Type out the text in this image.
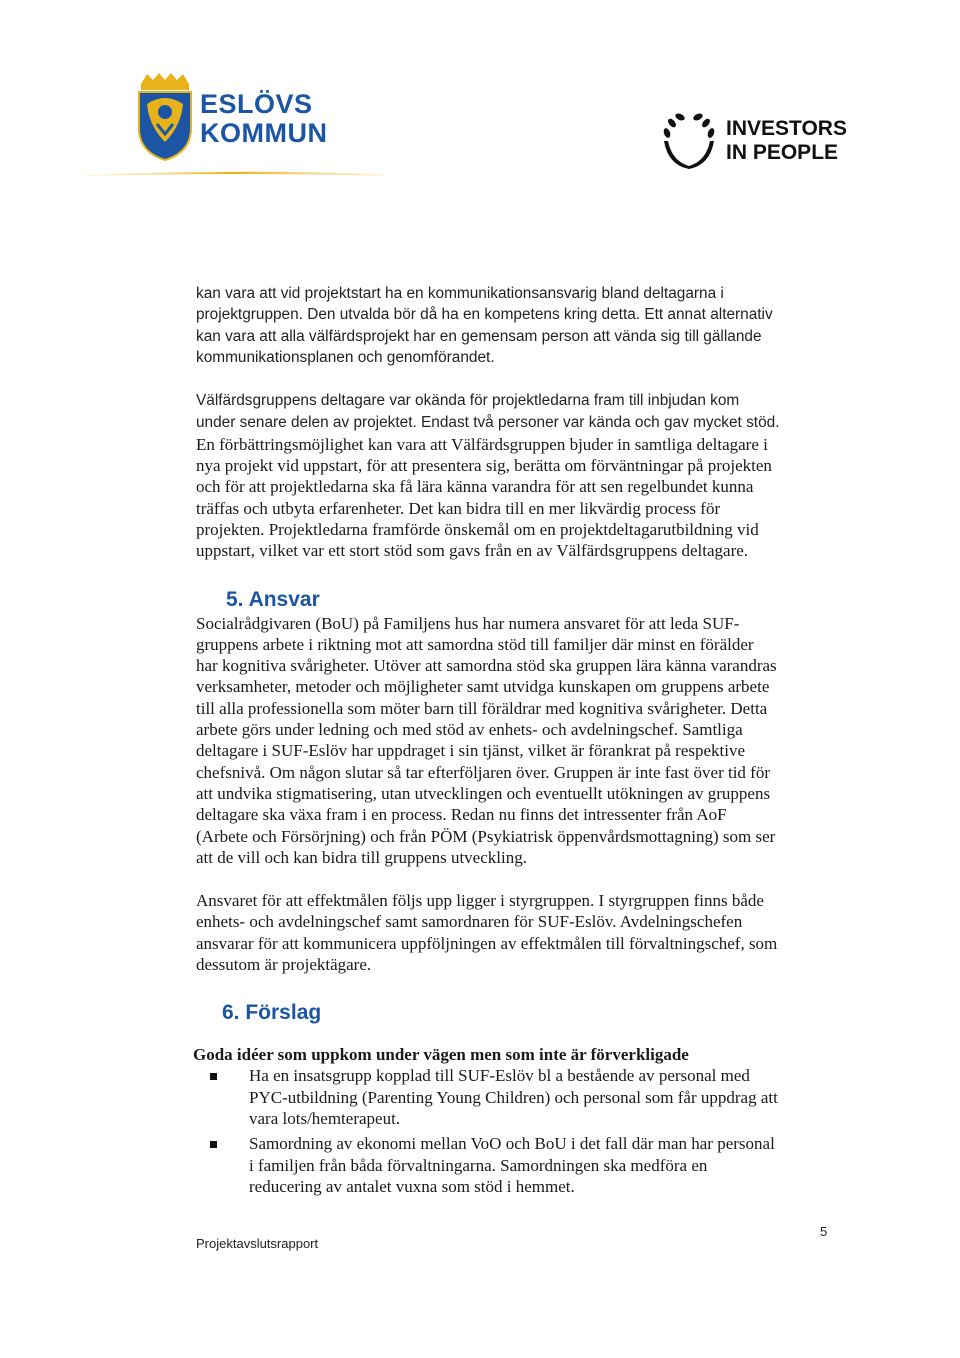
ESLÖVS
KOMMUN	INVESTORS
IN PEOPLE

kan vara att vid projektstart ha en kommunikationsansvarig bland deltagarna i
projektgruppen. Den utvalda bör då ha en kompetens kring detta. Ett annat alternativ
kan vara att alla välfärdsprojekt har en gemensam person att vända sig till gällande
kommunikationsplanen och genomförandet.

Välfärdsgruppens deltagare var okända för projektledarna fram till inbjudan kom
under senare delen av projektet. Endast två personer var kända och gav mycket stöd.
En förbättringsmöjlighet kan vara att Välfärdsgruppen bjuder in samtliga deltagare i
nya projekt vid uppstart, för att presentera sig, berätta om förväntningar på projekten
och för att projektledarna ska få lära känna varandra för att sen regelbundet kunna
träffas och utbyta erfarenheter. Det kan bidra till en mer likvärdig process för
projekten. Projektledarna framförde önskemål om en projektdeltagarutbildning vid
uppstart, vilket var ett stort stöd som gavs från en av Välfärdsgruppens deltagare.

5. Ansvar

Socialrådgivaren (BoU) på Familjens hus har numera ansvaret för att leda SUF-
gruppens arbete i riktning mot att samordna stöd till familjer där minst en förälder
har kognitiva svårigheter. Utöver att samordna stöd ska gruppen lära känna varandras
verksamheter, metoder och möjligheter samt utvidga kunskapen om gruppens arbete
till alla professionella som möter barn till föräldrar med kognitiva svårigheter. Detta
arbete görs under ledning och med stöd av enhets- och avdelningschef. Samtliga
deltagare i SUF-Eslöv har uppdraget i sin tjänst, vilket är förankrat på respektive
chefsnivå. Om någon slutar så tar efterföljaren över. Gruppen är inte fast över tid för
att undvika stigmatisering, utan utvecklingen och eventuellt utökningen av gruppens
deltagare ska växa fram i en process. Redan nu finns det intressenter från AoF
(Arbete och Försörjning) och från PÖM (Psykiatrisk öppenvårdsmottagning) som ser
att de vill och kan bidra till gruppens utveckling.

Ansvaret för att effektmålen följs upp ligger i styrgruppen. I styrgruppen finns både
enhets- och avdelningschef samt samordnaren för SUF-Eslöv. Avdelningschefen
ansvarar för att kommunicera uppföljningen av effektmålen till förvaltningschef, som
dessutom är projektägare.

6. Förslag

Goda idéer som uppkom under vägen men som inte är förverkligade

Ha en insatsgrupp kopplad till SUF-Eslöv bl a bestående av personal med
PYC-utbildning (Parenting Young Children) och personal som får uppdrag att
vara lots/hemterapeut.
Samordning av ekonomi mellan VoO och BoU i det fall där man har personal
i familjen från båda förvaltningarna. Samordningen ska medföra en
reducering av antalet vuxna som stöd i hemmet.
Projektavslutsrapport
5
